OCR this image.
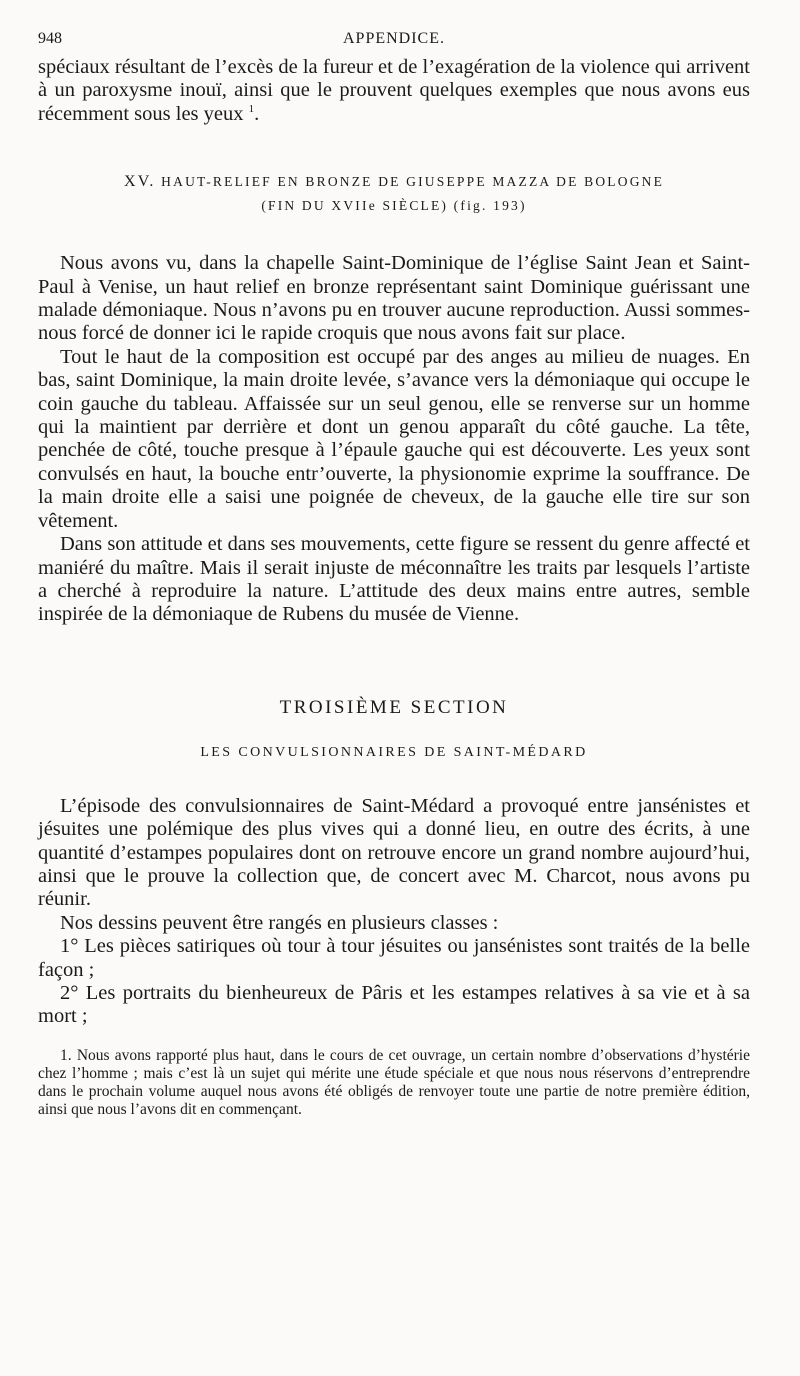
948	APPENDICE.

spéciaux résultant de l’excès de la fureur et de l’exagération de la violence qui arrivent à un paroxysme inouï, ainsi que le prouvent quelques exemples que nous avons eus récemment sous les yeux $^1$.

XV. HAUT-RELIEF EN BRONZE DE GIUSEPPE MAZZA DE BOLOGNE
(FIN DU XVIIe SIÈCLE) (fig. 193)

Nous avons vu, dans la chapelle Saint-Dominique de l’église Saint Jean et Saint-Paul à Venise, un haut relief en bronze représentant saint Dominique guérissant une malade démoniaque. Nous n’avons pu en trouver aucune reproduction. Aussi sommes-nous forcé de donner ici le rapide croquis que nous avons fait sur place.

Tout le haut de la composition est occupé par des anges au milieu de nuages. En bas, saint Dominique, la main droite levée, s’avance vers la démoniaque qui occupe le coin gauche du tableau. Affaissée sur un seul genou, elle se renverse sur un homme qui la maintient par derrière et dont un genou apparaît du côté gauche. La tête, penchée de côté, touche presque à l’épaule gauche qui est découverte. Les yeux sont convulsés en haut, la bouche entr’ouverte, la physionomie exprime la souffrance. De la main droite elle a saisi une poignée de cheveux, de la gauche elle tire sur son vêtement.

Dans son attitude et dans ses mouvements, cette figure se ressent du genre affecté et maniéré du maître. Mais il serait injuste de méconnaître les traits par lesquels l’artiste a cherché à reproduire la nature. L’attitude des deux mains entre autres, semble inspirée de la démoniaque de Rubens du musée de Vienne.

TROISIÈME SECTION
LES CONVULSIONNAIRES DE SAINT-MÉDARD

L’épisode des convulsionnaires de Saint-Médard a provoqué entre jansénistes et jésuites une polémique des plus vives qui a donné lieu, en outre des écrits, à une quantité d’estampes populaires dont on retrouve encore un grand nombre aujourd’hui, ainsi que le prouve la collection que, de concert avec M. Charcot, nous avons pu réunir.

Nos dessins peuvent être rangés en plusieurs classes :

1° Les pièces satiriques où tour à tour jésuites ou jansénistes sont traités de la belle façon ;

2° Les portraits du bienheureux de Pâris et les estampes relatives à sa vie et à sa mort ;

1. Nous avons rapporté plus haut, dans le cours de cet ouvrage, un certain nombre d’observations d’hystérie chez l’homme ; mais c’est là un sujet qui mérite une étude spéciale et que nous nous réservons d’entreprendre dans le prochain volume auquel nous avons été obligés de renvoyer toute une partie de notre première édition, ainsi que nous l’avons dit en commençant.
